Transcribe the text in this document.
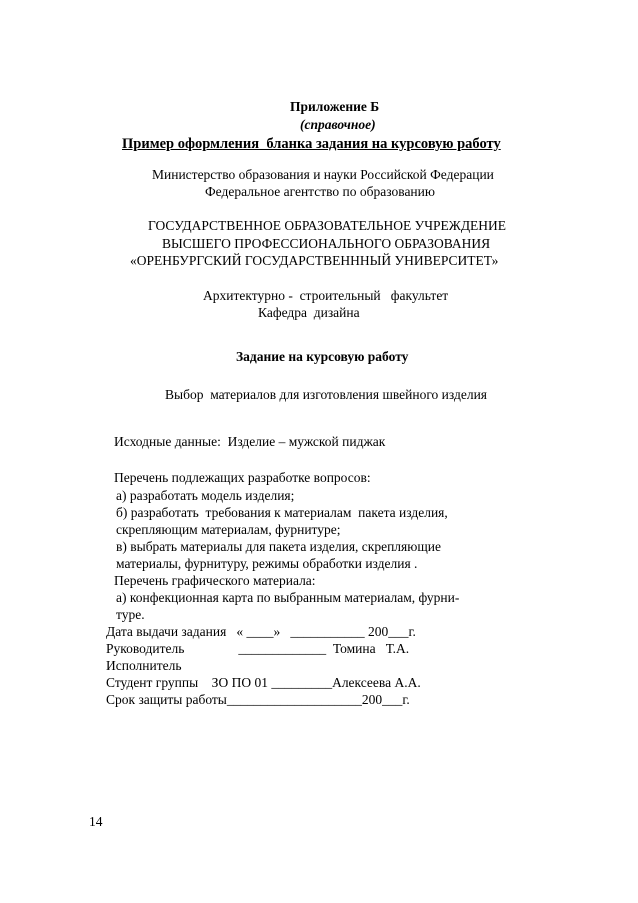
Приложение Б
(справочное)
Пример оформления  бланка задания на курсовую работу
Министерство образования и науки Российской Федерации
Федеральное агентство по образованию
ГОСУДАРСТВЕННОЕ ОБРАЗОВАТЕЛЬНОЕ УЧРЕЖДЕНИЕ
ВЫСШЕГО ПРОФЕССИОНАЛЬНОГО ОБРАЗОВАНИЯ
«ОРЕНБУРГСКИЙ ГОСУДАРСТВЕНННЫЙ УНИВЕРСИТЕТ»
Архитектурно -  строительный   факультет
Кафедра  дизайна
Задание на курсовую работу
Выбор  материалов для изготовления швейного изделия
Исходные данные:  Изделие – мужской пиджак
Перечень подлежащих разработке вопросов:
а) разработать модель изделия;
б) разработать  требования к материалам  пакета изделия,
скрепляющим материалам, фурнитуре;
в) выбрать материалы для пакета изделия, скрепляющие
материалы, фурнитуру, режимы обработки изделия .
Перечень графического материала:
а) конфекционная карта по выбранным материалам, фурни-
туре.
Дата выдачи задания   « ____»   ___________ 200___г.
Руководитель                _____________  Томина   Т.А.
Исполнитель
Студент группы    ЗО ПО 01 _________Алексеева А.А.
Срок защиты работы____________________200___г.
14
